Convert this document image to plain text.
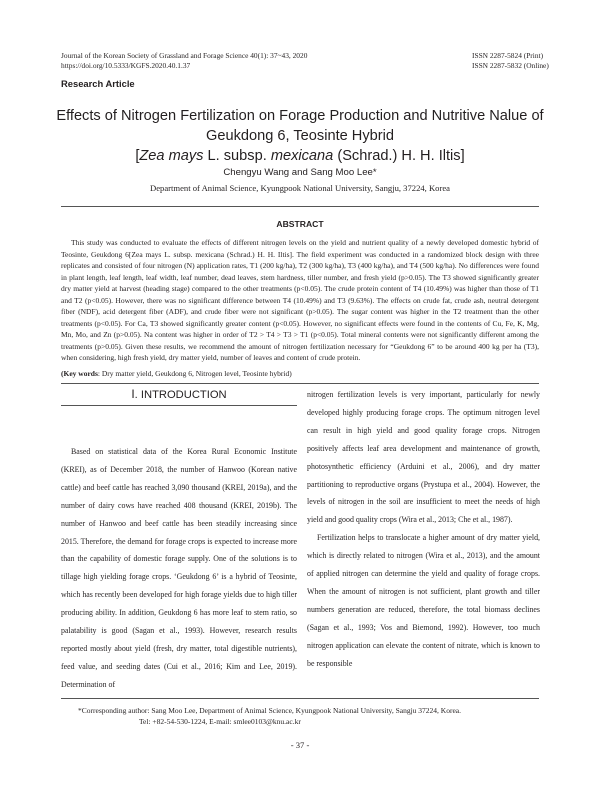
Journal of the Korean Society of Grassland and Forage Science 40(1): 37~43, 2020
https://doi.org/10.5333/KGFS.2020.40.1.37
ISSN 2287-5824 (Print)
ISSN 2287-5832 (Online)
Research Article
Effects of Nitrogen Fertilization on Forage Production and Nutritive Nalue of
Geukdong 6, Teosinte Hybrid
[Zea mays L. subsp. mexicana (Schrad.) H. H. Iltis]
Chengyu Wang and Sang Moo Lee*
Department of Animal Science, Kyungpook National University, Sangju, 37224, Korea
ABSTRACT
This study was conducted to evaluate the effects of different nitrogen levels on the yield and nutrient quality of a newly developed domestic hybrid of Teosinte, Geukdong 6[Zea mays L. subsp. mexicana (Schrad.) H. H. Iltis]. The field experiment was conducted in a randomized block design with three replicates and consisted of four nitrogen (N) application rates, T1 (200 kg/ha), T2 (300 kg/ha), T3 (400 kg/ha), and T4 (500 kg/ha). No differences were found in plant length, leaf length, leaf width, leaf number, dead leaves, stem hardness, tiller number, and fresh yield (p>0.05). The T3 showed significantly greater dry matter yield at harvest (heading stage) compared to the other treatments (p<0.05). The crude protein content of T4 (10.49%) was higher than those of T1 and T2 (p<0.05). However, there was no significant difference between T4 (10.49%) and T3 (9.63%). The effects on crude fat, crude ash, neutral detergent fiber (NDF), acid detergent fiber (ADF), and crude fiber were not significant (p>0.05). The sugar content was higher in the T2 treatment than the other treatments (p<0.05). For Ca, T3 showed significantly greater content (p<0.05). However, no significant effects were found in the contents of Cu, Fe, K, Mg, Mn, Mo, and Zn (p>0.05). Na content was higher in order of T2 > T4 > T3 > T1 (p<0.05). Total mineral contents were not significantly different among the treatments (p>0.05). Given these results, we recommend the amount of nitrogen fertilization necessary for “Geukdong 6” to be around 400 kg per ha (T3), when considering, high fresh yield, dry matter yield, number of leaves and content of crude protein.
(Key words: Dry matter yield, Geukdong 6, Nitrogen level, Teosinte hybrid)
Ⅰ. INTRODUCTION

Based on statistical data of the Korea Rural Economic Institute (KREI), as of December 2018, the number of Hanwoo (Korean native cattle) and beef cattle has reached 3,090 thousand (KREI, 2019a), and the number of dairy cows have reached 408 thousand (KREI, 2019b). The number of Hanwoo and beef cattle has been steadily increasing since 2015. Therefore, the demand for forage crops is expected to increase more than the capability of domestic forage supply. One of the solutions is to tillage high yielding forage crops. ‘Geukdong 6’ is a hybrid of Teosinte, which has recently been developed for high forage yields due to high tiller producing ability. In addition, Geukdong 6 has more leaf to stem ratio, so palatability is good (Sagan et al., 1993). However, research results reported mostly about yield (fresh, dry matter, total digestible nutrients), feed value, and seeding dates (Cui et al., 2016; Kim and Lee, 2019). Determination of

nitrogen fertilization levels is very important, particularly for newly developed highly producing forage crops. The optimum nitrogen level can result in high yield and good quality forage crops. Nitrogen positively affects leaf area development and maintenance of growth, photosynthetic efficiency (Arduini et al., 2006), and dry matter partitioning to reproductive organs (Prystupa et al., 2004). However, the levels of nitrogen in the soil are insufficient to meet the needs of high yield and good quality crops (Wira et al., 2013; Che et al., 1987).

Fertilization helps to translocate a higher amount of dry matter yield, which is directly related to nitrogen (Wira et al., 2013), and the amount of applied nitrogen can determine the yield and quality of forage crops. When the amount of nitrogen is not sufficient, plant growth and tiller numbers generation are reduced, therefore, the total biomass declines (Sagan et al., 1993; Vos and Biemond, 1992). However, too much nitrogen application can elevate the content of nitrate, which is known to be responsible

*Corresponding author: Sang Moo Lee, Department of Animal Science, Kyungpook National University, Sangju 37224, Korea.
Tel: +82-54-530-1224, E-mail: smlee0103@knu.ac.kr
- 37 -
